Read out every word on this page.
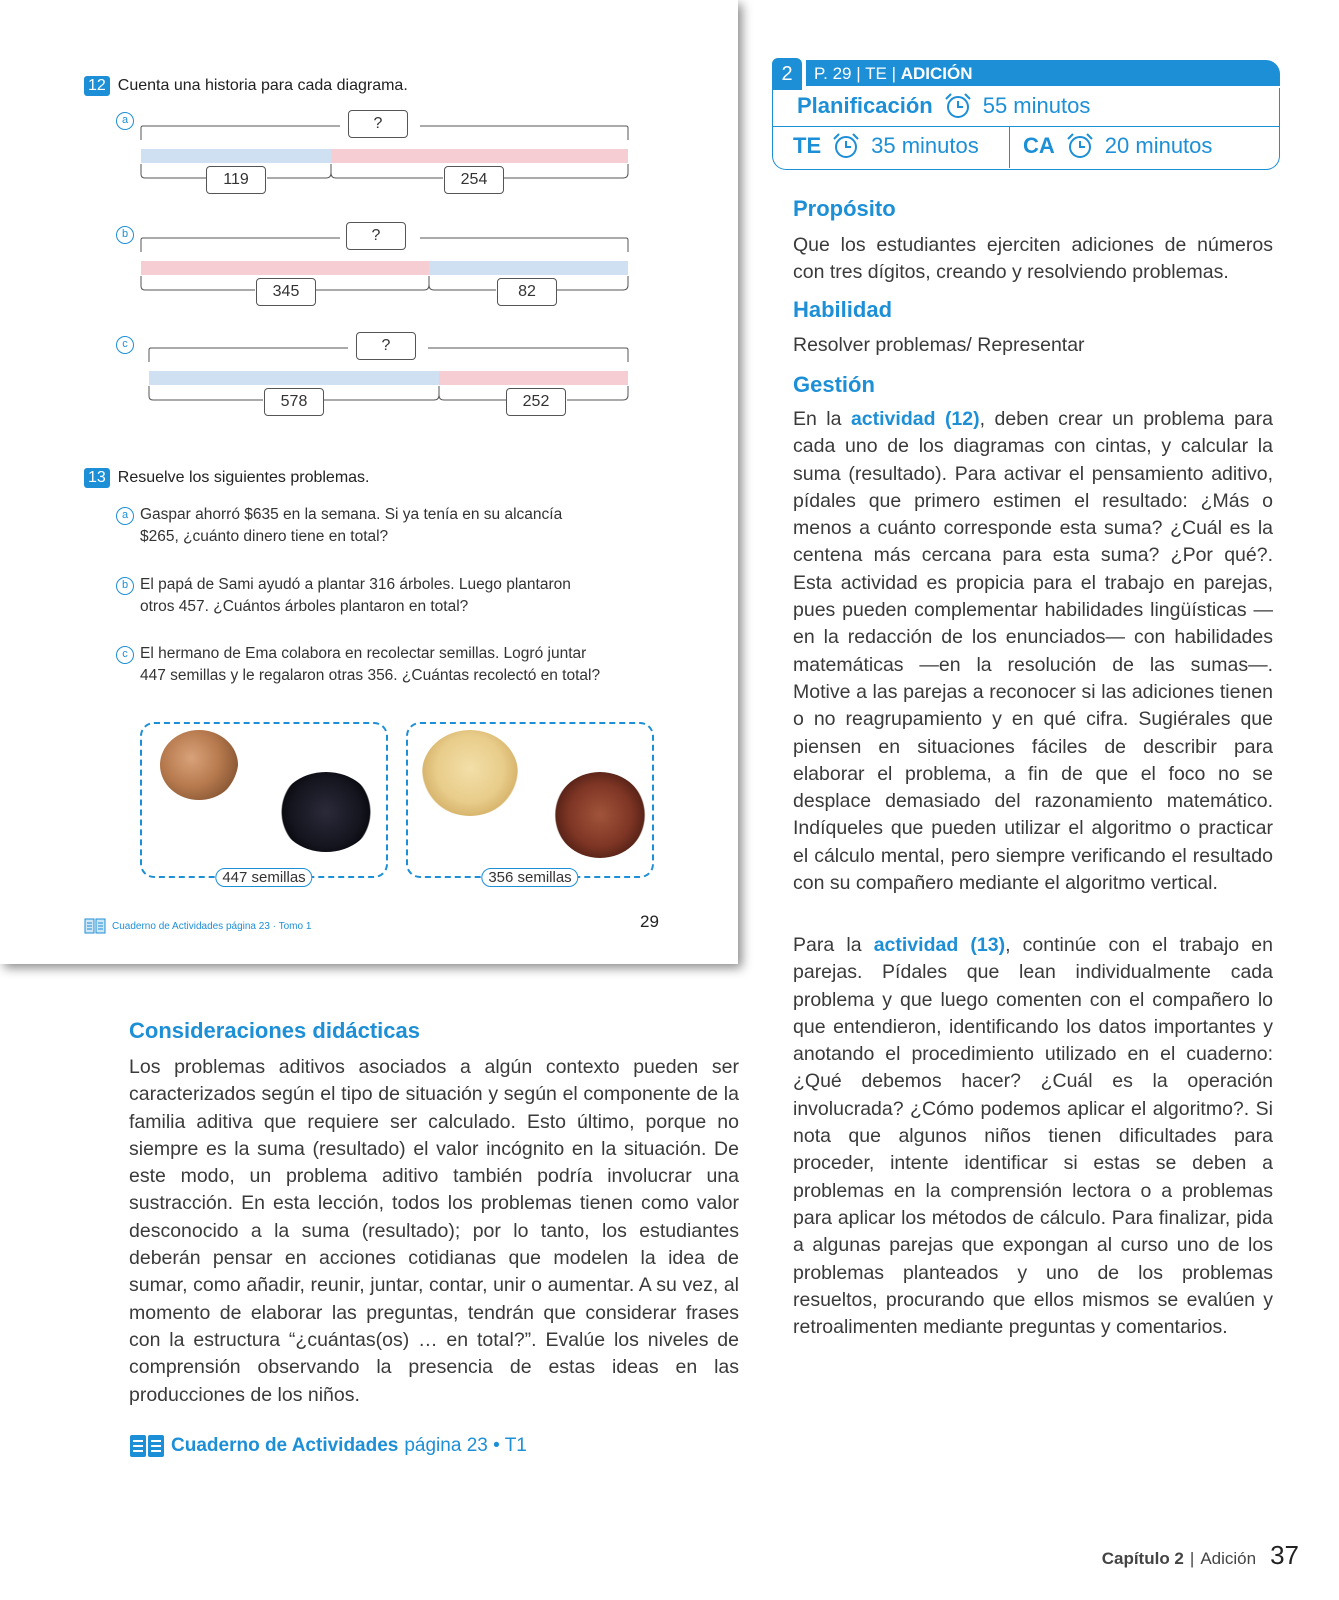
12 Cuenta una historia para cada diagrama.
a	?
119	254
b	?
345	82
c	?
578	252
13 Resuelve los siguientes problemas.
a Gaspar ahorró $635 en la semana. Si ya tenía en su alcancía
$265, ¿cuánto dinero tiene en total?
b El papá de Sami ayudó a plantar 316 árboles. Luego plantaron
otros 457. ¿Cuántos árboles plantaron en total?
c El hermano de Ema colabora en recolectar semillas. Logró juntar
447 semillas y le regalaron otras 356. ¿Cuántas recolectó en total?
447 semillas	356 semillas
Cuaderno de Actividades página 23 · Tomo 1	29
2	P. 29 | TE | ADICIÓN
Planificación 55 minutos
TE 35 minutos CA 20 minutos
Propósito
Que los estudiantes ejerciten adiciones de números con tres dígitos, creando y resolviendo problemas.
Habilidad
Resolver problemas/ Representar
Gestión
En la actividad (12), deben crear un problema para cada uno de los diagramas con cintas, y calcular la suma (resultado). Para activar el pensamiento aditivo, pídales que primero estimen el resultado: ¿Más o menos a cuánto corresponde esta suma? ¿Cuál es la centena más cercana para esta suma? ¿Por qué?. Esta actividad es propicia para el trabajo en parejas, pues pueden complementar habilidades lingüísticas —en la redacción de los enunciados— con habilidades matemáticas —en la resolución de las sumas—. Motive a las parejas a reconocer si las adiciones tienen o no reagrupamiento y en qué cifra. Sugiérales que piensen en situaciones fáciles de describir para elaborar el problema, a fin de que el foco no se desplace demasiado del razonamiento matemático. Indíqueles que pueden utilizar el algoritmo o practicar el cálculo mental, pero siempre verificando el resultado con su compañero mediante el algoritmo vertical.
Para la actividad (13), continúe con el trabajo en parejas. Pídales que lean individualmente cada problema y que luego comenten con el compañero lo que entendieron, identificando los datos importantes y anotando el procedimiento utilizado en el cuaderno: ¿Qué debemos hacer? ¿Cuál es la operación involucrada? ¿Cómo podemos aplicar el algoritmo?. Si nota que algunos niños tienen dificultades para proceder, intente identificar si estas se deben a problemas en la comprensión lectora o a problemas para aplicar los métodos de cálculo. Para finalizar, pida a algunas parejas que expongan al curso uno de los problemas planteados y uno de los problemas resueltos, procurando que ellos mismos se evalúen y retroalimenten mediante preguntas y comentarios.
Consideraciones didácticas
Los problemas aditivos asociados a algún contexto pueden ser caracterizados según el tipo de situación y según el componente de la familia aditiva que requiere ser calculado. Esto último, porque no siempre es la suma (resultado) el valor incógnito en la situación. De este modo, un problema aditivo también podría involucrar una sustracción. En esta lección, todos los problemas tienen como valor desconocido a la suma (resultado); por lo tanto, los estudiantes deberán pensar en acciones cotidianas que modelen la idea de sumar, como añadir, reunir, juntar, contar, unir o aumentar. A su vez, al momento de elaborar las preguntas, tendrán que considerar frases con la estructura “¿cuántas(os) … en total?”. Evalúe los niveles de comprensión observando la presencia de estas ideas en las producciones de los niños.
Cuaderno de Actividades página 23 • T1
Capítulo 2 | Adición 37
